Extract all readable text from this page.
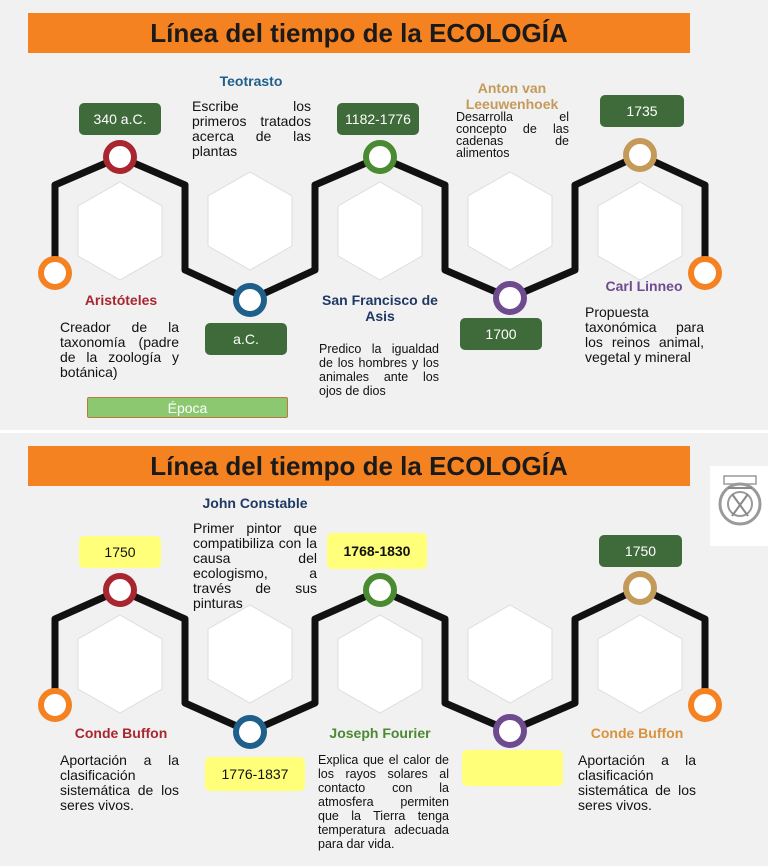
Línea del tiempo de la ECOLOGÍA
340 a.C.
a.C.
1182-1776
1700
1735
Época
Aristóteles
Teotrasto
San Francisco de Asis
Anton van Leeuwenhoek
Carl Linneo
Creador de la taxonomía (padre de la zoología y botánica)
Escribe los primeros tratados acerca de las plantas
Predico la igualdad de los hombres y los animales ante los ojos de dios
Desarrolla el concepto de las cadenas de alimentos
Propuesta taxonómica para los reinos animal, vegetal y mineral
Línea del tiempo de la ECOLOGÍA
1750
1776-1837
1768-1830	1750
Conde Buffon
John Constable
Joseph Fourier	Conde Buffon
Aportación a la clasificación sistemática de los seres vivos.
Primer pintor que compatibiliza con la causa del ecologismo, a través de sus pinturas
Explica que el calor de los rayos solares al contacto con la atmosfera permiten que la Tierra tenga temperatura adecuada para dar vida.
Aportación a la clasificación sistemática de los seres vivos.
